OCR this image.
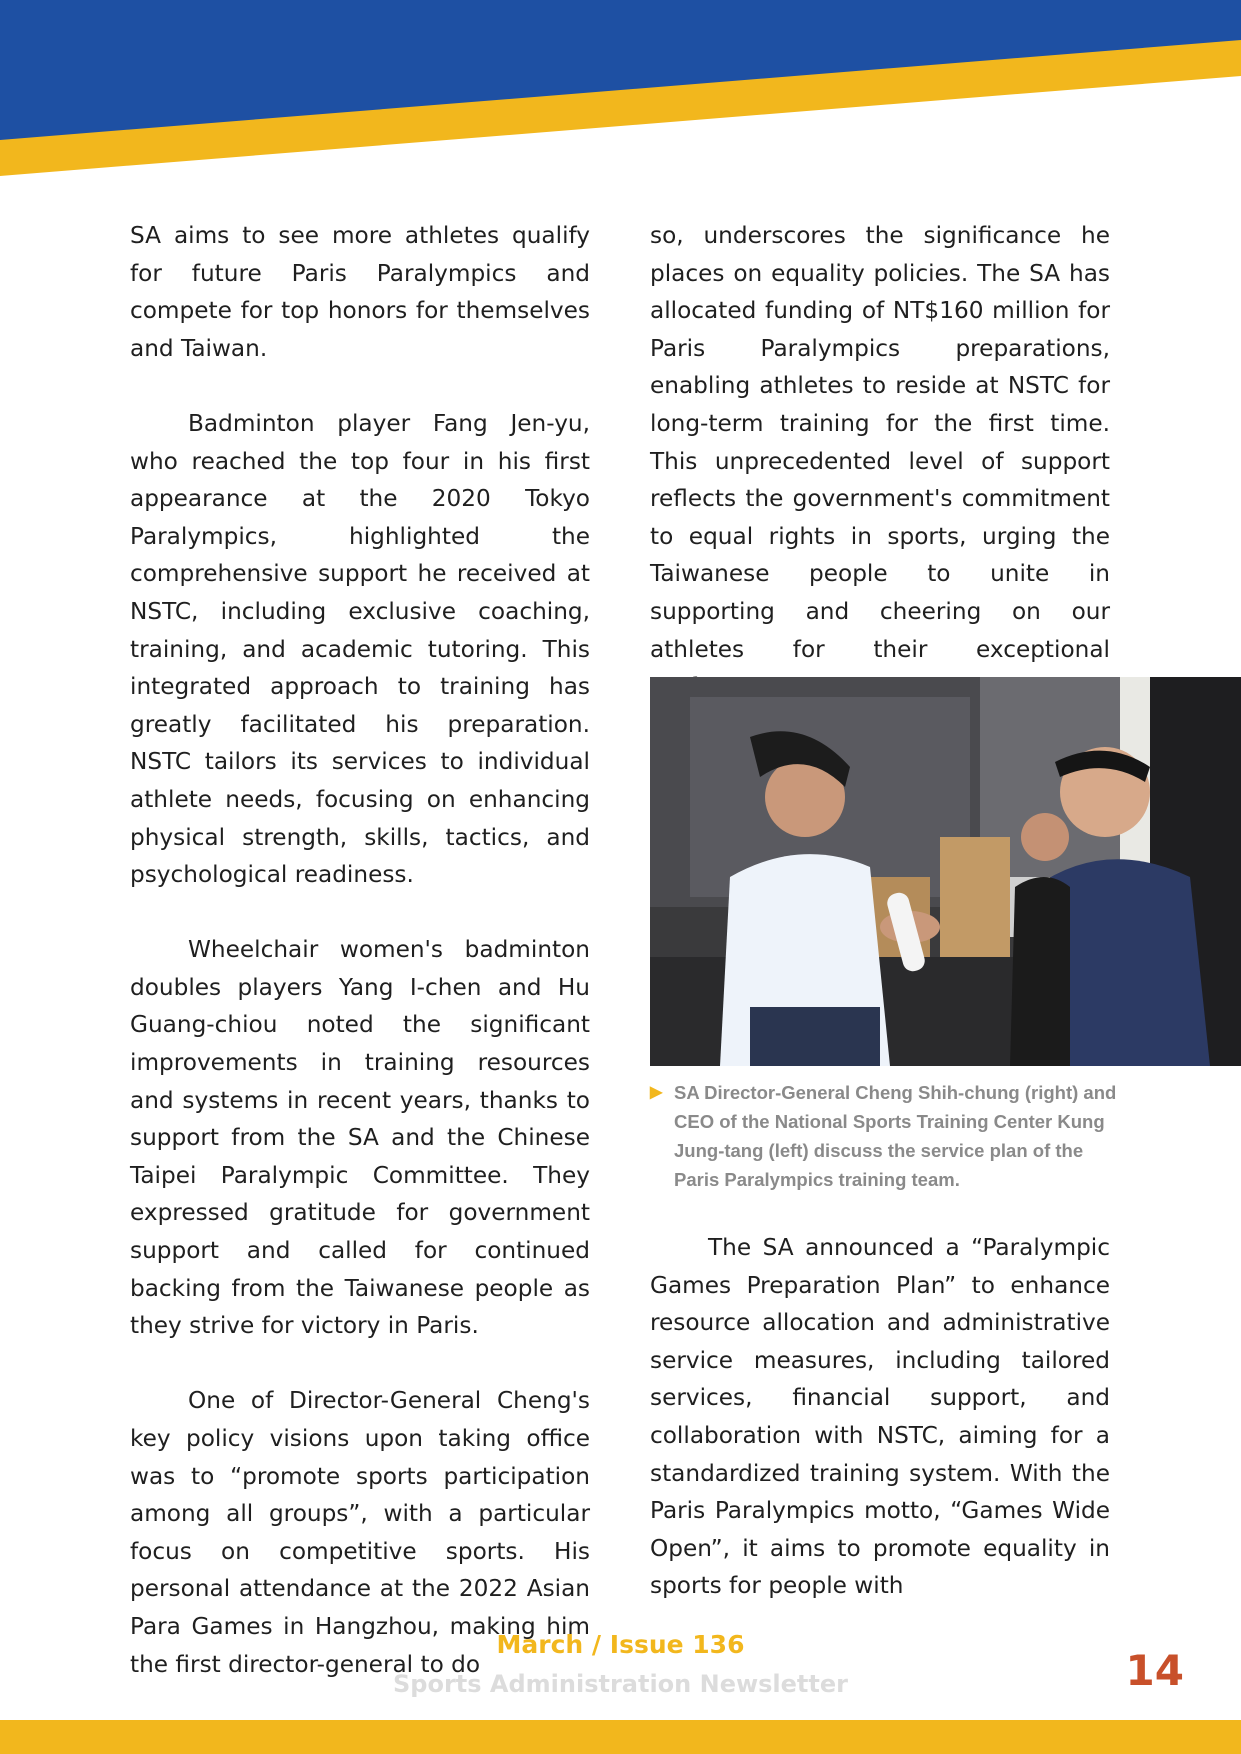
SA aims to see more athletes qualify for future Paris Paralympics and compete for top honors for themselves and Taiwan.

Badminton player Fang Jen-yu, who reached the top four in his first appearance at the 2020 Tokyo Paralympics, highlighted the comprehensive support he received at NSTC, including exclusive coaching, training, and academic tutoring. This integrated approach to training has greatly facilitated his preparation. NSTC tailors its services to individual athlete needs, focusing on enhancing physical strength, skills, tactics, and psychological readiness.

Wheelchair women's badminton doubles players Yang I-chen and Hu Guang-chiou noted the significant improvements in training resources and systems in recent years, thanks to support from the SA and the Chinese Taipei Paralympic Committee. They expressed gratitude for government support and called for continued backing from the Taiwanese people as they strive for victory in Paris.

One of Director-General Cheng's key policy visions upon taking office was to “promote sports participation among all groups”, with a particular focus on competitive sports. His personal attendance at the 2022 Asian Para Games in Hangzhou, making him the first director-general to do

so, underscores the significance he places on equality policies. The SA has allocated funding of NT$160 million for Paris Paralympics preparations, enabling athletes to reside at NSTC for long-term training for the first time. This unprecedented level of support reflects the government's commitment to equal rights in sports, urging the Taiwanese people to unite in supporting and cheering on our athletes for their exceptional

▶ SA Director-General Cheng Shih-chung (right) and CEO of the National Sports Training Center Kung Jung-tang (left) discuss the service plan of the Paris Paralympics training team.

The SA announced a “Paralympic Games Preparation Plan” to enhance resource allocation and administrative service measures, including tailored services, financial support, and collaboration with NSTC, aiming for a standardized training system. With the Paris Paralympics motto, “Games Wide Open”, it aims to promote equality in sports for people with

March / Issue 136
Sports Administration Newsletter	14
